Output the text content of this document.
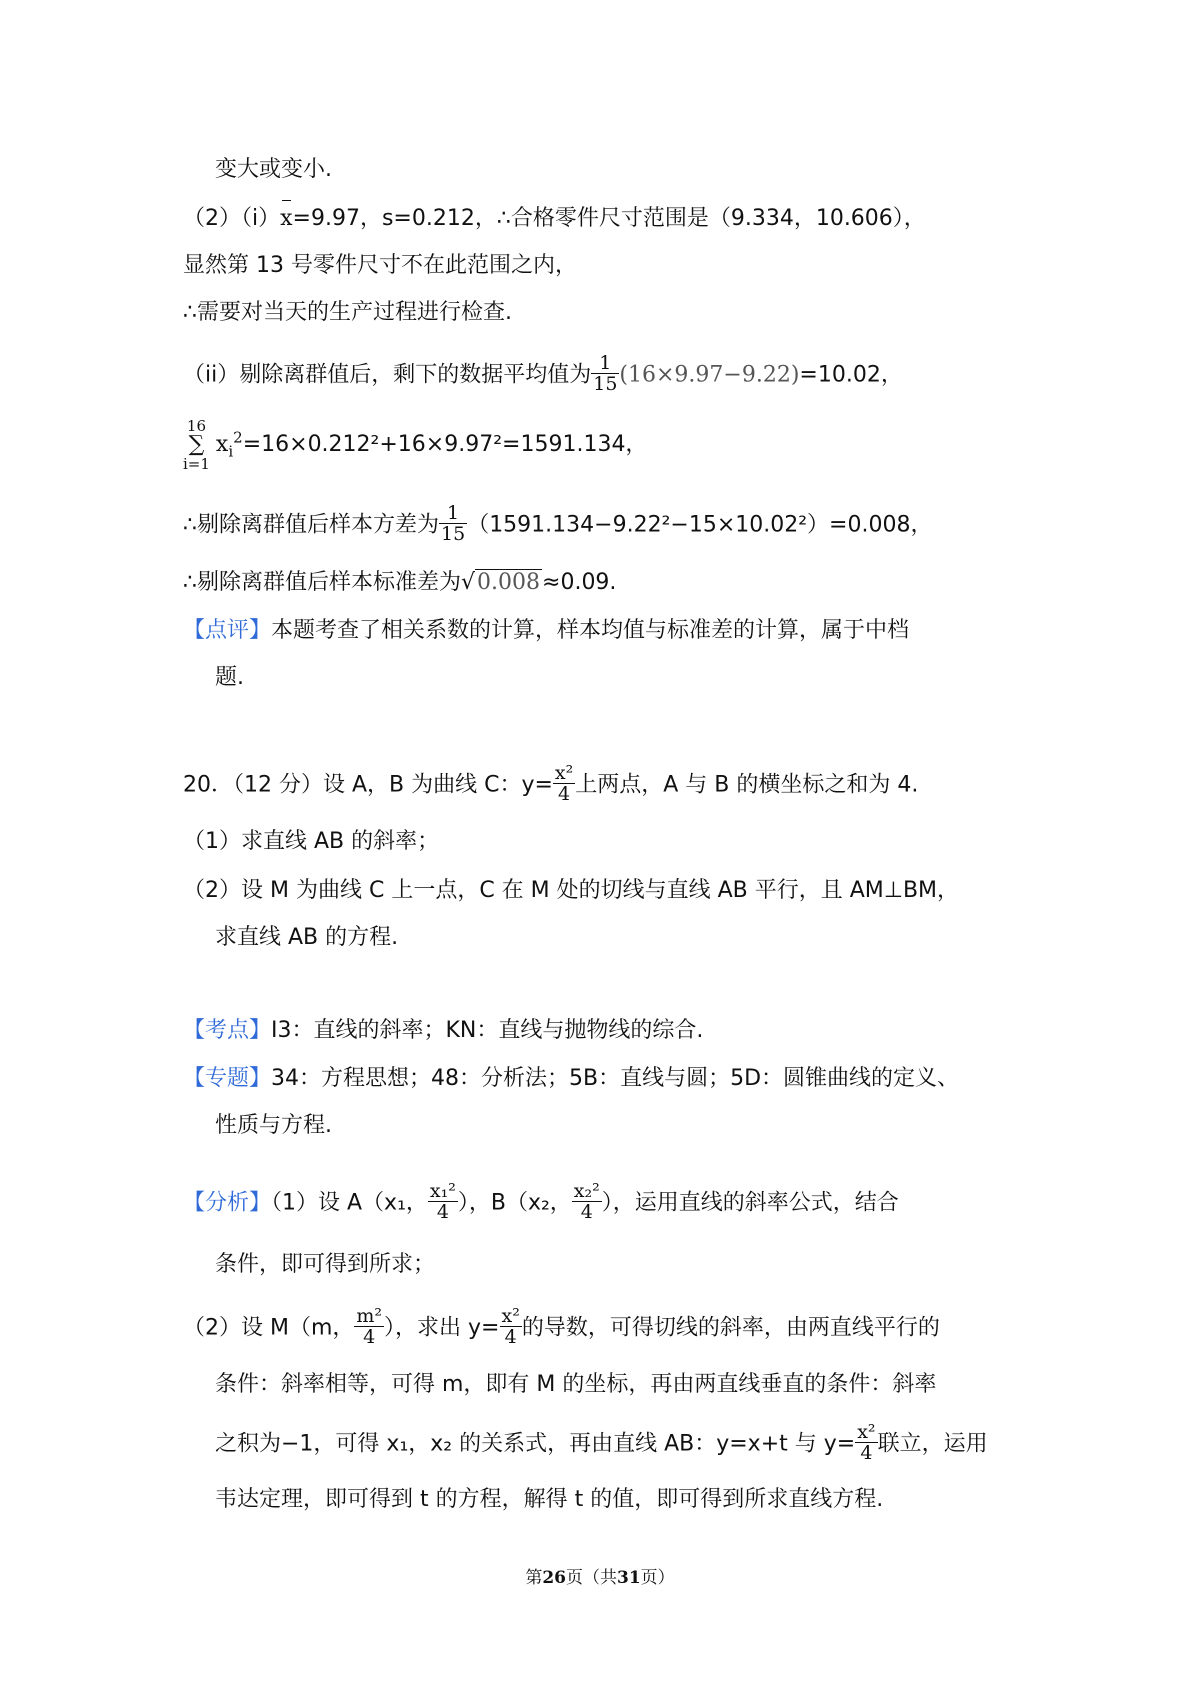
变大或变小.
（2）（i）x=9.97，s=0.212，∴合格零件尺寸范围是（9.334，10.606），
显然第 13 号零件尺寸不在此范围之内，
∴需要对当天的生产过程进行检查.
（ii）剔除离群值后，剩下的数据平均值为 $\frac{1}{15} (16\times 9.97-9.22)=10.02$，
16
∑
i=1
$x_i^2=16\times 0.212^2+16\times 9.97^2=1591.134$，
∴剔除离群值后样本方差为 $\frac{1}{15} (1591.134-9.22^2-15\times 10.02^2)=0.008$，
∴剔除离群值后样本标准差为√0.008≈0.09.
【点评】本题考查了相关系数的计算，样本均值与标准差的计算，属于中档
题.
20．（12 分）设 A，B 为曲线 C：$y= \frac{\text{x²}}{4}$ 上两点，A 与 B 的横坐标之和为 4.
（1）求直线 AB 的斜率；
（2）设 M 为曲线 C 上一点，C 在 M 处的切线与直线 AB 平行，且 AM⊥BM，
求直线 AB 的方程.
【考点】I3：直线的斜率；KN：直线与抛物线的综合.
【专题】34：方程思想；48：分析法；5B：直线与圆；5D：圆锥曲线的定义、
性质与方程.
【分析】（1）设 A（x₁， $\frac{\text{x₁²}}{4}$ ），B（x₂， $\frac{\text{x₂²}}{4}$ ），运用直线的斜率公式，结合
条件，即可得到所求；
（2）设 M（m， $\frac{\text{m²}}{4}$ ），求出 $y= \frac{\text{x²}}{4}$ 的导数，可得切线的斜率，由两直线平行的
条件：斜率相等，可得 m，即有 M 的坐标，再由两直线垂直的条件：斜率
之积为−1，可得 x₁，x₂ 的关系式，再由直线 AB：y=x+t 与 $y= \frac{\text{x²}}{4}$ 联立，运用
韦达定理，即可得到 t 的方程，解得 t 的值，即可得到所求直线方程.
第26页（共31页）
